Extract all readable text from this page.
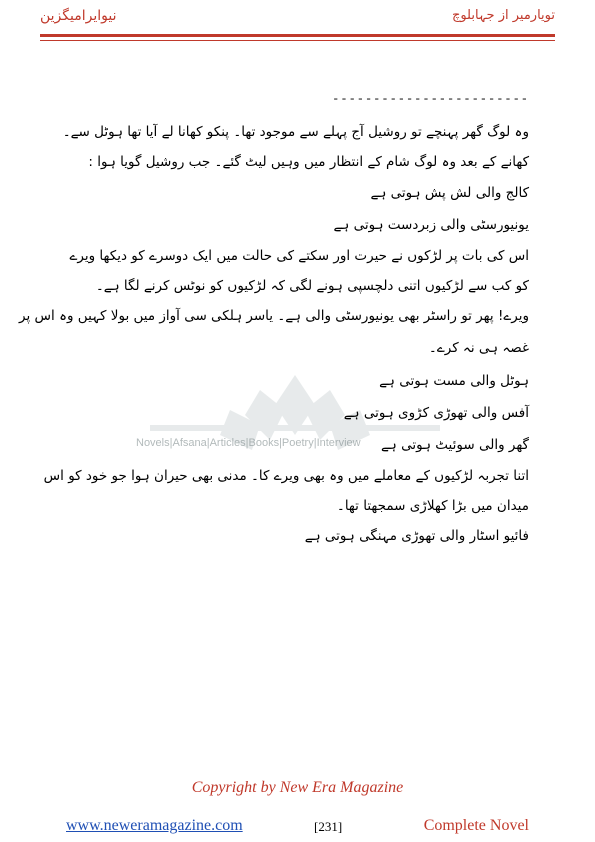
نیوایرامیگزین	تویارمیر از جہابلوچ
Novels|Afsana|Articles|Books|Poetry|Interview
------------------------
وہ لوگ گھر پہنچے تو روشیل آج پہلے سے موجود تھا۔ پنکو کھانا لے آیا تھا ہوٹل سے۔
کھانے کے بعد وہ لوگ شام کے انتظار میں وہیں لیٹ گئے۔ جب روشیل گویا ہوا :
کالج والی لش پش ہوتی ہے
یونیورسٹی والی زبردست ہوتی ہے
اس کی بات پر لڑکوں نے حیرت اور سکتے کی حالت میں ایک دوسرے کو دیکھا ویرے
کو کب سے لڑکیوں اتنی دلچسپی ہونے لگی کہ لڑکیوں کو نوٹس کرنے لگا ہے۔
ویرے! پھر تو راسٹر بھی یونیورسٹی والی ہے۔ یاسر ہلکی سی آواز میں بولا کہیں وہ اس پر
غصہ ہی نہ کرے۔
ہوٹل والی مست ہوتی ہے
آفس والی تھوڑی کڑوی ہوتی ہے
گھر والی سوئیٹ ہوتی ہے
اتنا تجربہ لڑکیوں کے معاملے میں وہ بھی ویرے کا۔ مدنی بھی حیران ہوا جو خود کو اس
میدان میں بڑا کھلاڑی سمجھتا تھا۔
فائیو اسٹار والی تھوڑی مہنگی ہوتی ہے
Copyright by New Era Magazine
www.neweramagazine.com	[231]	Complete Novel
